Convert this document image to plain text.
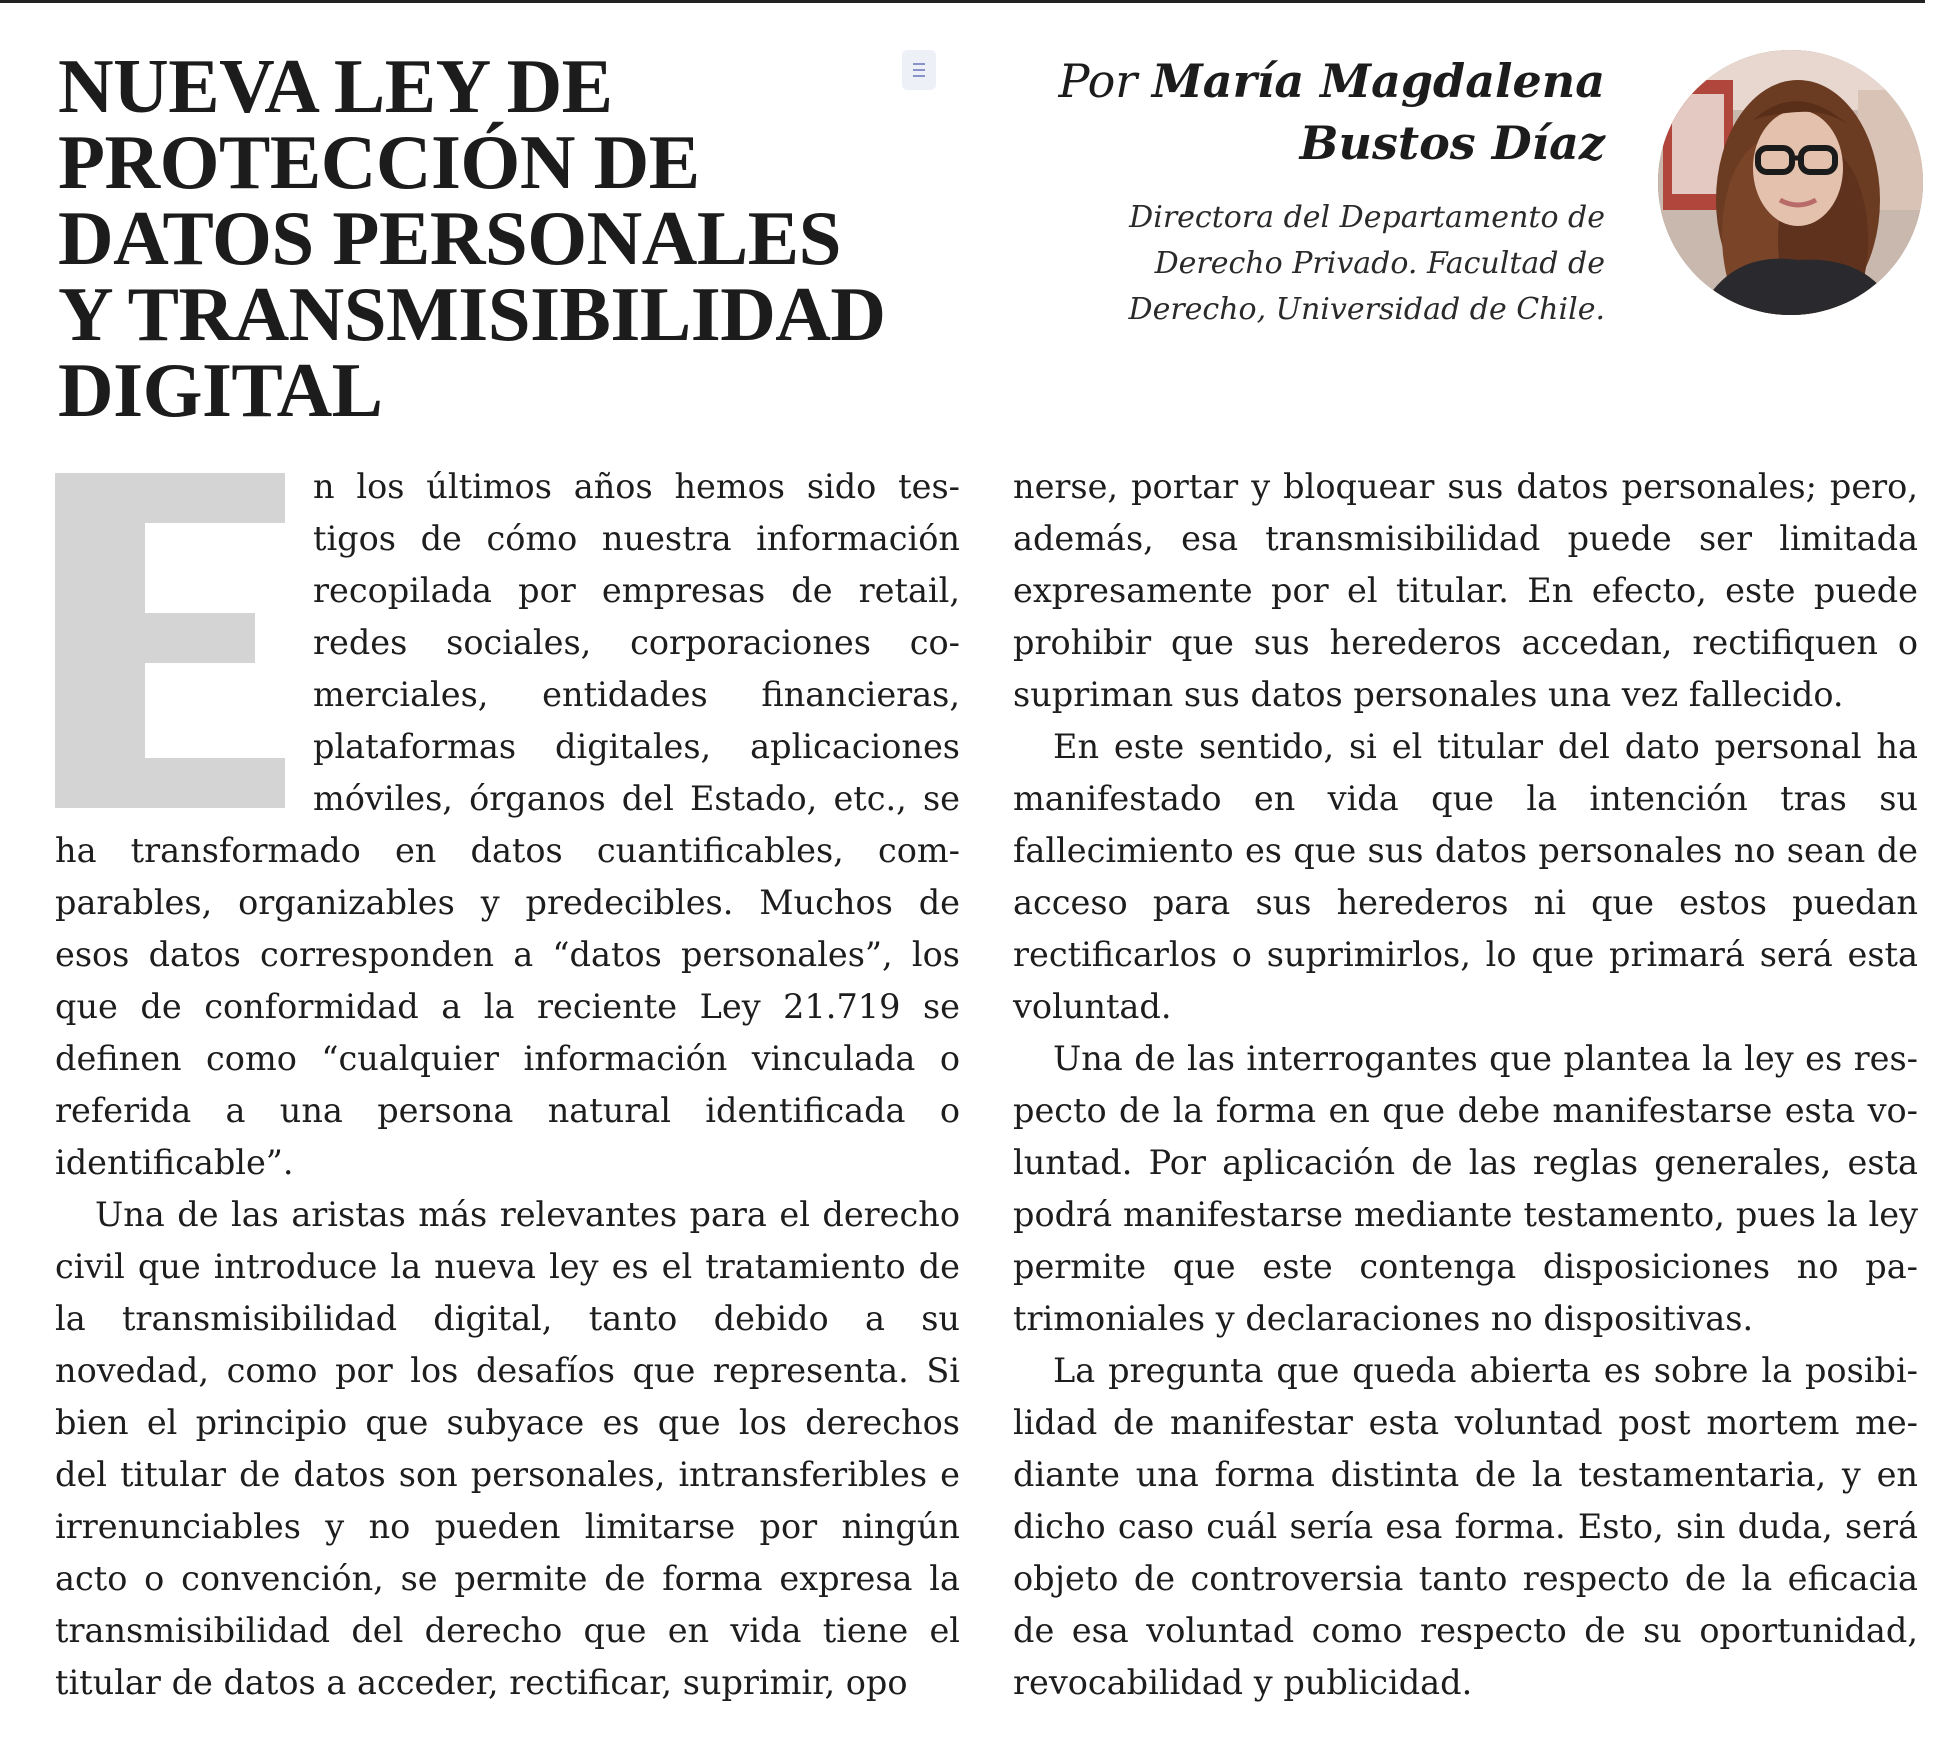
NUEVA LEY DE
PROTECCIÓN DE
DATOS PERSONALES
Y TRANSMISIBILIDAD
DIGITAL
Por María Magdalena
Bustos Díaz
Directora del Departamento de
Derecho Privado. Facultad de
Derecho, Universidad de Chile.

n los últimos años hemos sido testigos de cómo nuestra información recopilada por empresas de retail, redes sociales, corporaciones comerciales, entidades financieras, plataformas digitales, aplicaciones móviles, órganos del Estado, etc., se ha transformado en datos cuantificables, comparables, organizables y predecibles. Muchos de esos datos corresponden a “datos personales”, los que de conformidad a la reciente Ley 21.719 se definen como “cualquier información vinculada o referida a una persona natural identificada o identificable”.

Una de las aristas más relevantes para el derecho civil que introduce la nueva ley es el tratamiento de la transmisibilidad digital, tanto debido a su novedad, como por los desafíos que representa. Si bien el principio que subyace es que los derechos del titular de datos son personales, intransferibles e irrenunciables y no pueden limitarse por ningún acto o convención, se permite de forma expresa la transmisibilidad del derecho que en vida tiene el titular de datos a acceder, rectificar, suprimir, opo

nerse, portar y bloquear sus datos personales; pero, además, esa transmisibilidad puede ser limitada expresamente por el titular. En efecto, este puede prohibir que sus herederos accedan, rectifiquen o supriman sus datos personales una vez fallecido.

En este sentido, si el titular del dato personal ha manifestado en vida que la intención tras su fallecimiento es que sus datos personales no sean de acceso para sus herederos ni que estos puedan rectificarlos o suprimirlos, lo que primará será esta voluntad.

Una de las interrogantes que plantea la ley es respecto de la forma en que debe manifestarse esta voluntad. Por aplicación de las reglas generales, esta podrá manifestarse mediante testamento, pues la ley permite que este contenga disposiciones no patrimoniales y declaraciones no dispositivas.

La pregunta que queda abierta es sobre la posibilidad de manifestar esta voluntad post mortem mediante una forma distinta de la testamentaria, y en dicho caso cuál sería esa forma. Esto, sin duda, será objeto de controversia tanto respecto de la eficacia de esa voluntad como respecto de su oportunidad, revocabilidad y publicidad.
